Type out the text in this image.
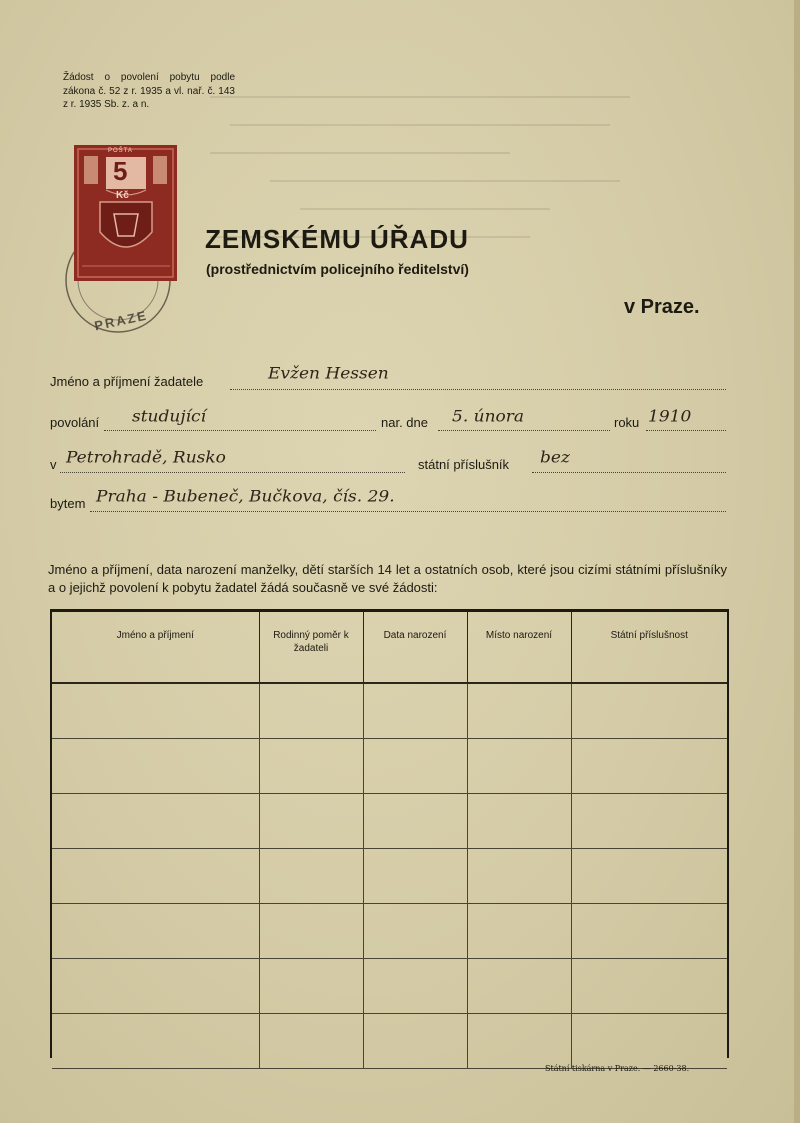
Žádost o povolení pobytu podle zákona č. 52 z r. 1935 a vl. nař. č. 143 z r. 1935 Sb. z. a n.
5
Kč
POŠTA
PRAZE
ZEMSKÉMU ÚŘADU
(prostřednictvím policejního ředitelství)
v Praze.
Jméno a příjmení žadatele	Evžen Hessen
povolání studující	nar. dne 5. února	roku 1910
v Petrohradě, Rusko	státní příslušník bez
bytem Praha - Bubeneč, Bučkova, čís. 29.
Jméno a příjmení, data narození manželky, dětí starších 14 let a ostatních osob, které jsou cizími státními příslušníky a o jejichž povolení k pobytu žadatel žádá současně ve své žádosti:
Jméno a příjmení	Rodinný poměr k žadateli	Data narození	Místo narození	Státní příslušnost

Státní tiskárna v Praze. — 2660-38.
